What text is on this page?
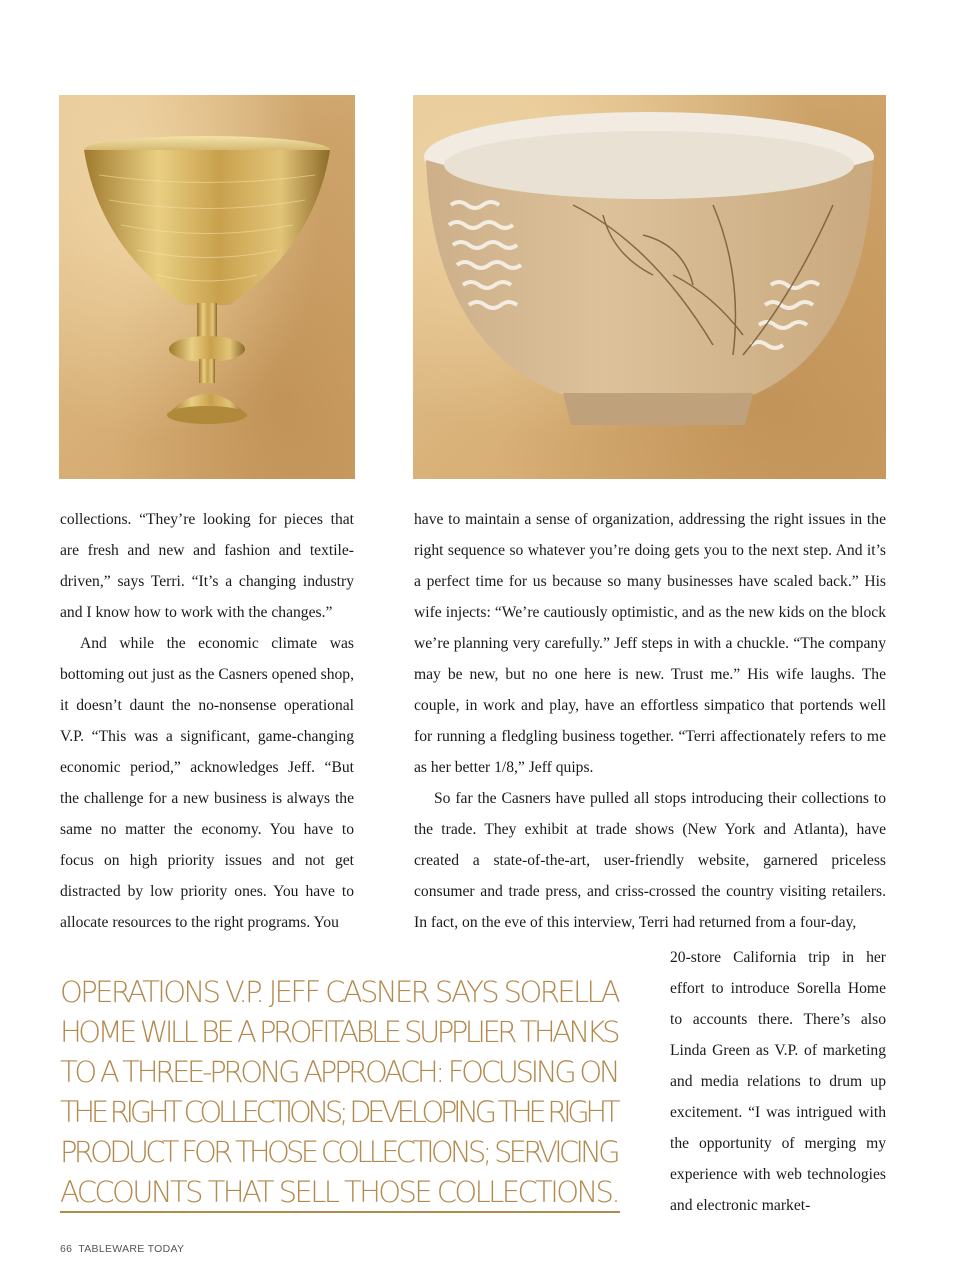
collections. “They’re looking for pieces that are fresh and new and fashion and textile-driven,” says Terri. “It’s a changing industry and I know how to work with the changes.”

And while the economic climate was bottoming out just as the Casners opened shop, it doesn’t daunt the no-nonsense operational V.P. “This was a significant, game-changing economic period,” acknowledges Jeff. “But the challenge for a new business is always the same no matter the economy. You have to focus on high priority issues and not get distracted by low priority ones. You have to allocate resources to the right programs. You

have to maintain a sense of organization, addressing the right issues in the right sequence so whatever you’re doing gets you to the next step. And it’s a perfect time for us because so many businesses have scaled back.” His wife injects: “We’re cautiously optimistic, and as the new kids on the block we’re planning very carefully.” Jeff steps in with a chuckle. “The company may be new, but no one here is new. Trust me.” His wife laughs. The couple, in work and play, have an effortless simpatico that portends well for running a fledgling business together. “Terri affectionately refers to me as her better 1/8,” Jeff quips.

So far the Casners have pulled all stops introducing their collections to the trade. They exhibit at trade shows (New York and Atlanta), have created a state-of-the-art, user-friendly website, garnered priceless consumer and trade press, and criss-crossed the country visiting retailers. In fact, on the eve of this interview, Terri had returned from a four-day,

20-store California trip in her effort to introduce Sorella Home to accounts there. There’s also Linda Green as V.P. of marketing and media relations to drum up excitement. “I was intrigued with the opportunity of merging my experience with web technologies and electronic market-

OPERATIONS V.P. JEFF CASNER SAYS SORELLA
HOME WILL BE A PROFITABLE SUPPLIER THANKS
TO A THREE-PRONG APPROACH: FOCUSING ON
THE RIGHT COLLECTIONS; DEVELOPING THE RIGHT
PRODUCT FOR THOSE COLLECTIONS; SERVICING
ACCOUNTS THAT SELL THOSE COLLECTIONS.
66 TABLEWARE TODAY
